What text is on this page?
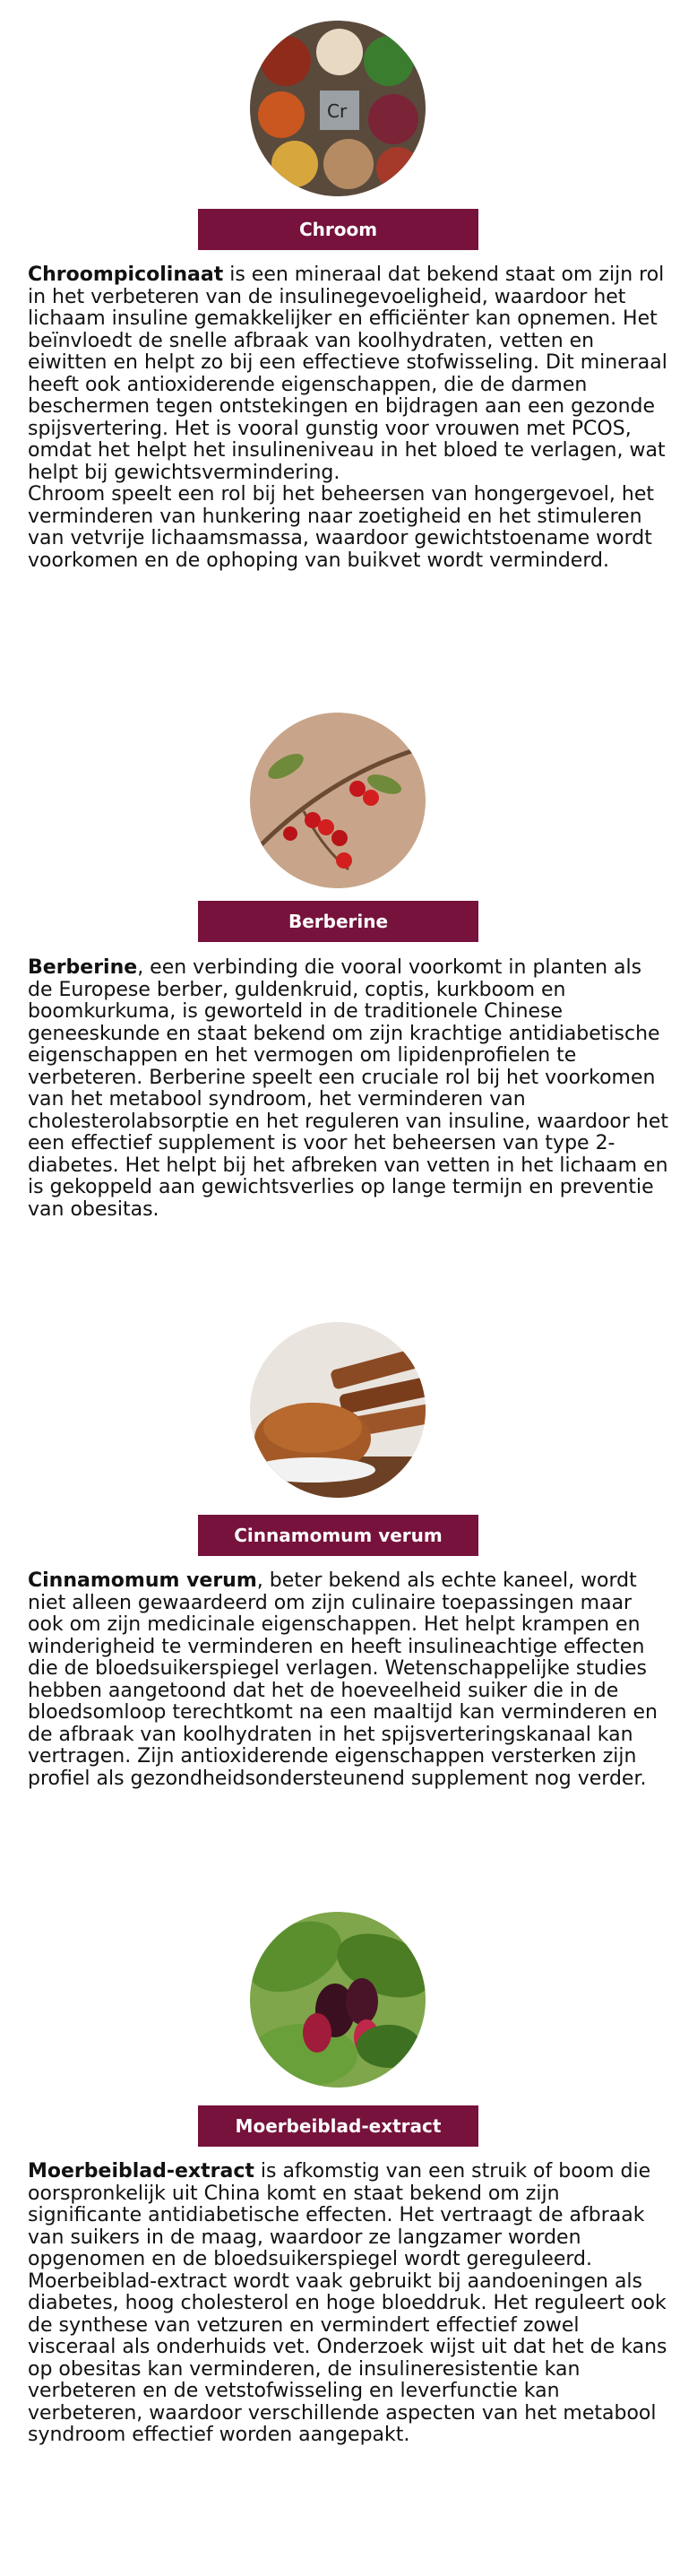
Cr
Chroom

Chroompicolinaat is een mineraal dat bekend staat om zijn rol in het verbeteren van de insulinegevoeligheid, waardoor het lichaam insuline gemakkelijker en efficiënter kan opnemen. Het beïnvloedt de snelle afbraak van koolhydraten, vetten en eiwitten en helpt zo bij een effectieve stofwisseling. Dit mineraal heeft ook antioxiderende eigenschappen, die de darmen beschermen tegen ontstekingen en bijdragen aan een gezonde spijsvertering. Het is vooral gunstig voor vrouwen met PCOS, omdat het helpt het insulineniveau in het bloed te verlagen, wat helpt bij gewichtsvermindering.
Chroom speelt een rol bij het beheersen van hongergevoel, het verminderen van hunkering naar zoetigheid en het stimuleren van vetvrije lichaamsmassa, waardoor gewichtstoename wordt voorkomen en de ophoping van buikvet wordt verminderd.

Berberine

Berberine, een verbinding die vooral voorkomt in planten als de Europese berber, guldenkruid, coptis, kurkboom en boomkurkuma, is geworteld in de traditionele Chinese geneeskunde en staat bekend om zijn krachtige antidiabetische eigenschappen en het vermogen om lipidenprofielen te verbeteren. Berberine speelt een cruciale rol bij het voorkomen van het metabool syndroom, het verminderen van cholesterolabsorptie en het reguleren van insuline, waardoor het een effectief supplement is voor het beheersen van type 2-diabetes. Het helpt bij het afbreken van vetten in het lichaam en is gekoppeld aan gewichtsverlies op lange termijn en preventie van obesitas.

Cinnamomum verum

Cinnamomum verum, beter bekend als echte kaneel, wordt niet alleen gewaardeerd om zijn culinaire toepassingen maar ook om zijn medicinale eigenschappen. Het helpt krampen en winderigheid te verminderen en heeft insulineachtige effecten die de bloedsuikerspiegel verlagen. Wetenschappelijke studies hebben aangetoond dat het de hoeveelheid suiker die in de bloedsomloop terechtkomt na een maaltijd kan verminderen en de afbraak van koolhydraten in het spijsverteringskanaal kan vertragen. Zijn antioxiderende eigenschappen versterken zijn profiel als gezondheidsondersteunend supplement nog verder.

Moerbeiblad-extract

Moerbeiblad-extract is afkomstig van een struik of boom die oorspronkelijk uit China komt en staat bekend om zijn significante antidiabetische effecten. Het vertraagt de afbraak van suikers in de maag, waardoor ze langzamer worden opgenomen en de bloedsuikerspiegel wordt gereguleerd.
Moerbeiblad-extract wordt vaak gebruikt bij aandoeningen als diabetes, hoog cholesterol en hoge bloeddruk. Het reguleert ook de synthese van vetzuren en vermindert effectief zowel visceraal als onderhuids vet. Onderzoek wijst uit dat het de kans op obesitas kan verminderen, de insulineresistentie kan verbeteren en de vetstofwisseling en leverfunctie kan verbeteren, waardoor verschillende aspecten van het metabool syndroom effectief worden aangepakt.
